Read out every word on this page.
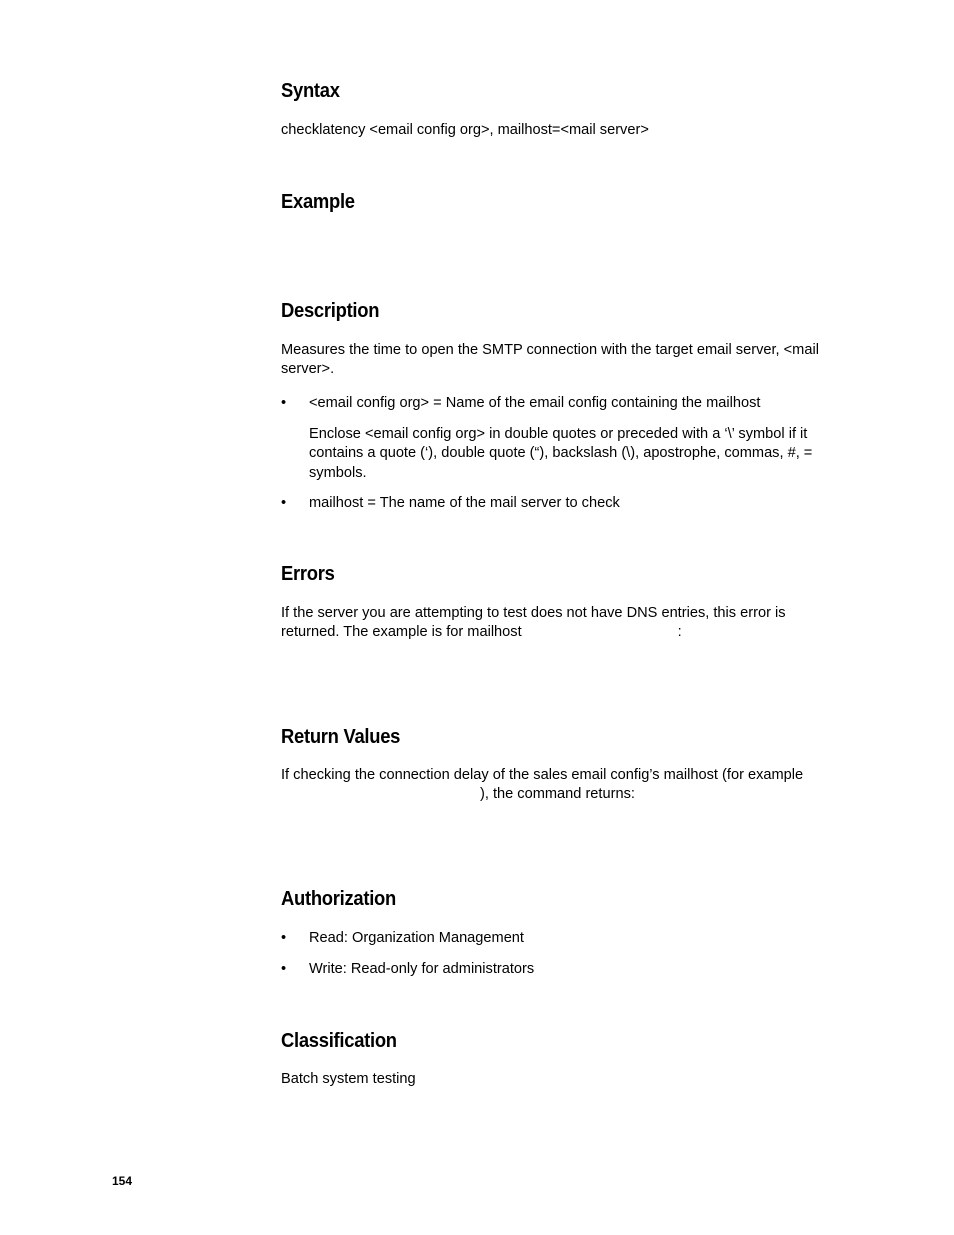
Syntax

checklatency <email config org>, mailhost=<mail server>

Example
Description

Measures the time to open the SMTP connection with the target email server, <mail server>.

• <email config org> = Name of the email config containing the mailhost

Enclose <email config org> in double quotes or preceded with a ‘\’ symbol if it contains a quote (‘), double quote (“), backslash (\), apostrophe, commas, #, = symbols.

• mailhost = The name of the mail server to check

Errors

If the server you are attempting to test does not have DNS entries, this error is

returned. The example is for mailhost	:

Return Values

If checking the connection delay of the sales email config’s mailhost (for example

), the command returns:

Authorization
• Read: Organization Management

• Write: Read-only for administrators

Classification

Batch system testing

154
